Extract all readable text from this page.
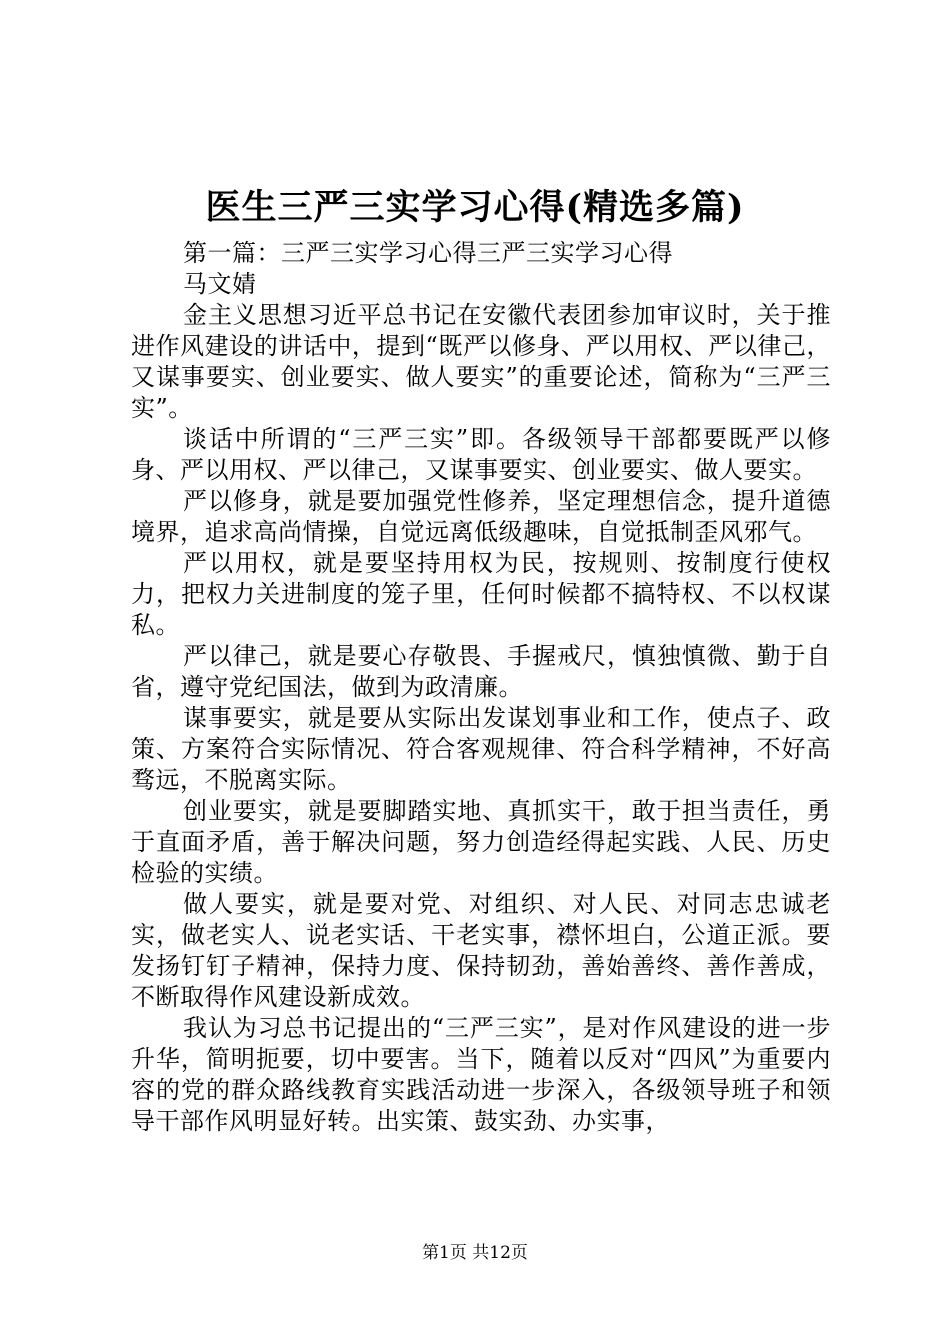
医生三严三实学习心得(精选多篇)

第一篇：三严三实学习心得三严三实学习心得

马文婧

金主义思想习近平总书记在安徽代表团参加审议时，关于推进作风建设的讲话中，提到“既严以修身、严以用权、严以律己，又谋事要实、创业要实、做人要实”的重要论述，简称为“三严三实”。

谈话中所谓的“三严三实”即。各级领导干部都要既严以修身、严以用权、严以律己，又谋事要实、创业要实、做人要实。

严以修身，就是要加强党性修养，坚定理想信念，提升道德境界，追求高尚情操，自觉远离低级趣味，自觉抵制歪风邪气。

严以用权，就是要坚持用权为民，按规则、按制度行使权力，把权力关进制度的笼子里，任何时候都不搞特权、不以权谋私。

严以律己，就是要心存敬畏、手握戒尺，慎独慎微、勤于自省，遵守党纪国法，做到为政清廉。

谋事要实，就是要从实际出发谋划事业和工作，使点子、政策、方案符合实际情况、符合客观规律、符合科学精神，不好高骛远，不脱离实际。

创业要实，就是要脚踏实地、真抓实干，敢于担当责任，勇于直面矛盾，善于解决问题，努力创造经得起实践、人民、历史检验的实绩。

做人要实，就是要对党、对组织、对人民、对同志忠诚老实，做老实人、说老实话、干老实事，襟怀坦白，公道正派。要发扬钉钉子精神，保持力度、保持韧劲，善始善终、善作善成，不断取得作风建设新成效。

我认为习总书记提出的“三严三实”，是对作风建设的进一步升华，简明扼要，切中要害。当下，随着以反对“四风”为重要内容的党的群众路线教育实践活动进一步深入，各级领导班子和领导干部作风明显好转。出实策、鼓实劲、办实事，

第1页 共12页
